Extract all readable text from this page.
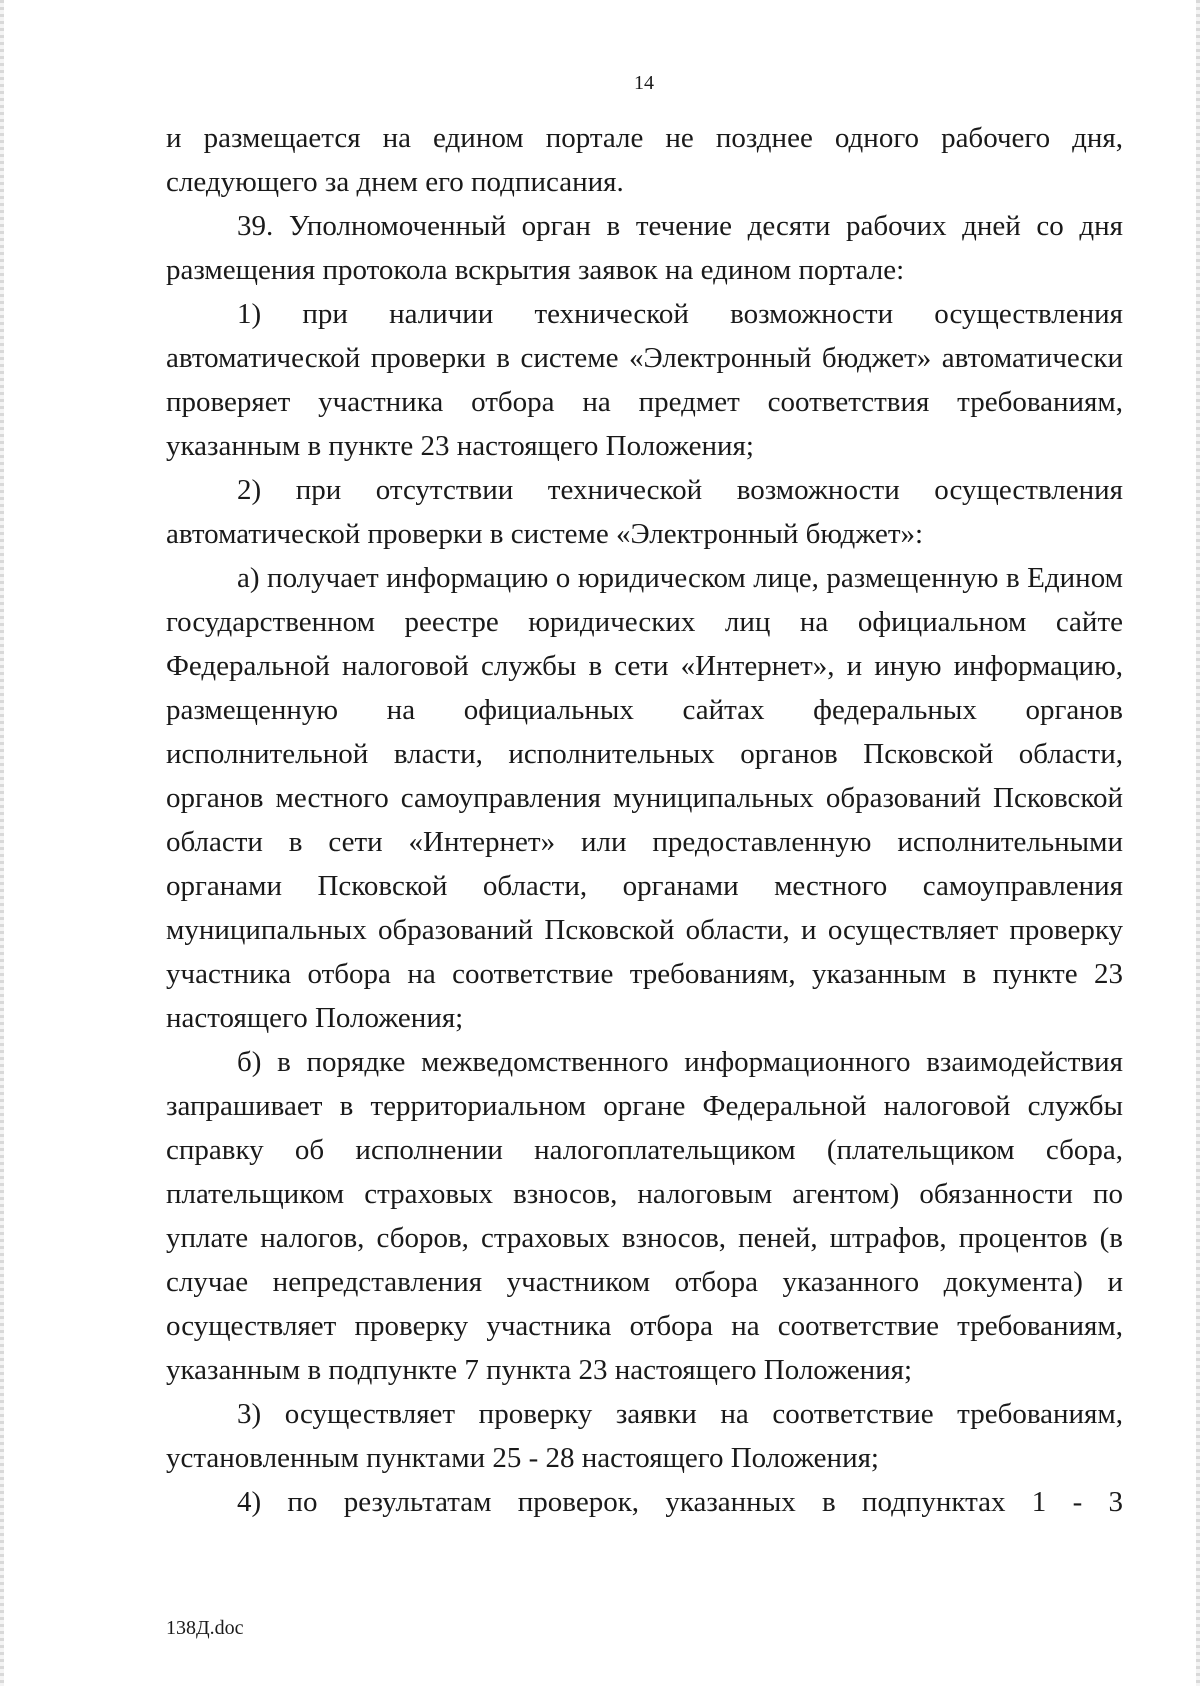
14

и размещается на едином портале не позднее одного рабочего дня, следующего за днем его подписания.

39. Уполномоченный орган в течение десяти рабочих дней со дня размещения протокола вскрытия заявок на едином портале:

1) при наличии технической возможности осуществления автоматической проверки в системе «Электронный бюджет» автоматически проверяет участника отбора на предмет соответствия требованиям, указанным в пункте 23 настоящего Положения;

2) при отсутствии технической возможности осуществления автоматической проверки в системе «Электронный бюджет»:

а) получает информацию о юридическом лице, размещенную в Едином государственном реестре юридических лиц на официальном сайте Федеральной налоговой службы в сети «Интернет», и иную информацию, размещенную на официальных сайтах федеральных органов исполнительной власти, исполнительных органов Псковской области, органов местного самоуправления муниципальных образований Псковской области в сети «Интернет» или предоставленную исполнительными органами Псковской области, органами местного самоуправления муниципальных образований Псковской области, и осуществляет проверку участника отбора на соответствие требованиям, указанным в пункте 23 настоящего Положения;

б) в порядке межведомственного информационного взаимодействия запрашивает в территориальном органе Федеральной налоговой службы справку об исполнении налогоплательщиком (плательщиком сбора, плательщиком страховых взносов, налоговым агентом) обязанности по уплате налогов, сборов, страховых взносов, пеней, штрафов, процентов (в случае непредставления участником отбора указанного документа) и осуществляет проверку участника отбора на соответствие требованиям, указанным в подпункте 7 пункта 23 настоящего Положения;

3) осуществляет проверку заявки на соответствие требованиям, установленным пунктами 25 - 28 настоящего Положения;

4) по результатам проверок, указанных в подпунктах 1 - 3

138Д.doc
